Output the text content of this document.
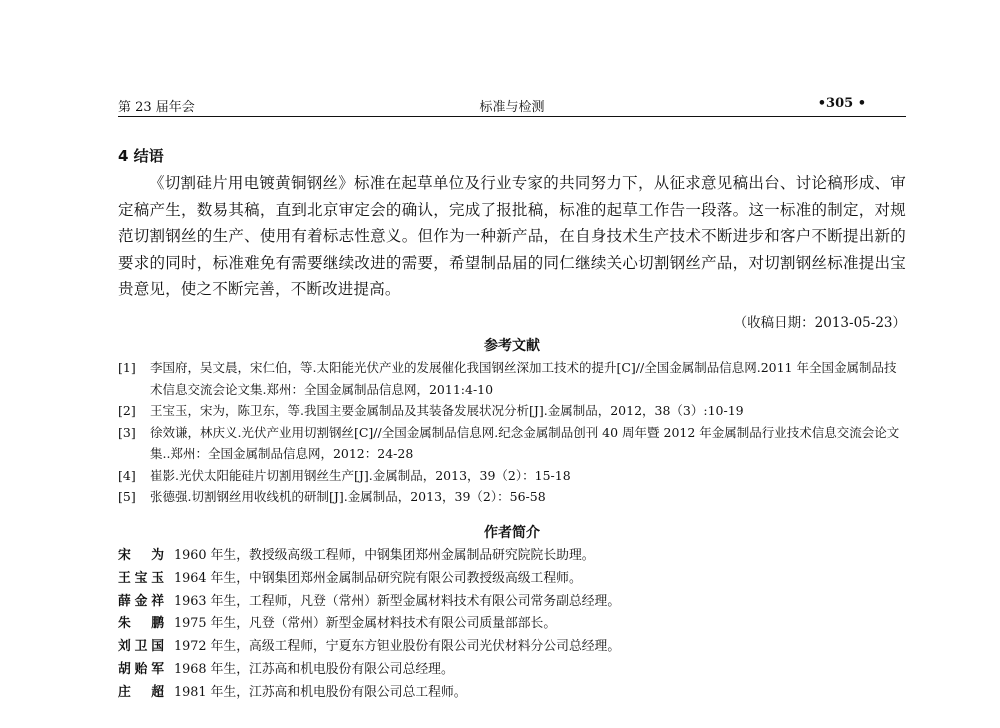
第 23 届年会	标准与检测	•305 •
4 结语

《切割硅片用电镀黄铜钢丝》标准在起草单位及行业专家的共同努力下，从征求意见稿出台、讨论稿形成、审定稿产生，数易其稿，直到北京审定会的确认，完成了报批稿，标准的起草工作告一段落。这一标准的制定，对规范切割钢丝的生产、使用有着标志性意义。但作为一种新产品，在自身技术生产技术不断进步和客户不断提出新的要求的同时，标准难免有需要继续改进的需要，希望制品届的同仁继续关心切割钢丝产品，对切割钢丝标准提出宝贵意见，使之不断完善，不断改进提高。

（收稿日期：2013-05-23）
参考文献
[1] 李国府，吴文晨，宋仁伯，等.太阳能光伏产业的发展催化我国钢丝深加工技术的提升[C]//全国金属制品信息网.2011 年全国金属制品技术信息交流会论文集.郑州：全国金属制品信息网，2011:4-10
[2] 王宝玉，宋为，陈卫东，等.我国主要金属制品及其装备发展状况分析[J].金属制品，2012，38（3）:10-19
[3] 徐效谦，林庆义.光伏产业用切割钢丝[C]//全国金属制品信息网.纪念金属制品创刊 40 周年暨 2012 年金属制品行业技术信息交流会论文集..郑州：全国金属制品信息网，2012：24-28
[4] 崔影.光伏太阳能硅片切割用钢丝生产[J].金属制品，2013，39（2）：15-18
[5] 张德强.切割钢丝用收线机的研制[J].金属制品，2013，39（2）：56-58
作者简介
宋 为 1960 年生，教授级高级工程师，中钢集团郑州金属制品研究院院长助理。
王宝玉 1964 年生，中钢集团郑州金属制品研究院有限公司教授级高级工程师。
薛金祥 1963 年生，工程师，凡登（常州）新型金属材料技术有限公司常务副总经理。
朱 鹏 1975 年生，凡登（常州）新型金属材料技术有限公司质量部部长。
刘卫国 1972 年生，高级工程师，宁夏东方钽业股份有限公司光伏材料分公司总经理。
胡贻军 1968 年生，江苏高和机电股份有限公司总经理。
庄 超 1981 年生，江苏高和机电股份有限公司总工程师。
